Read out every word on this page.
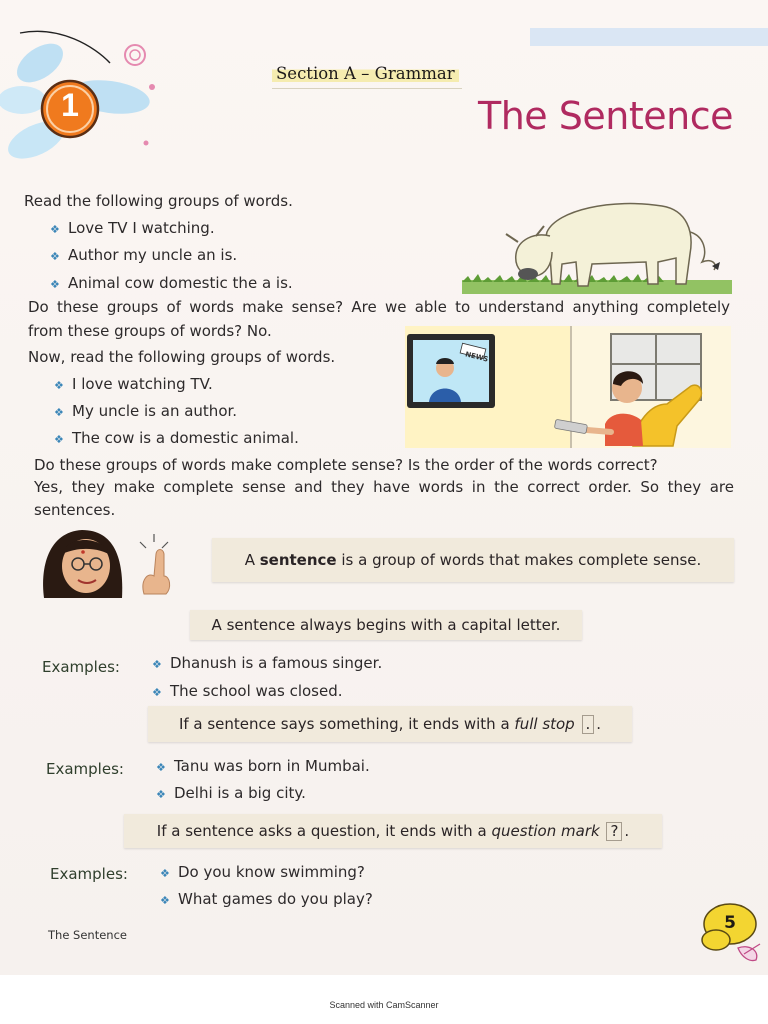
1
Section A – Grammar
The Sentence
Read the following groups of words.
❖ Love TV I watching.
❖ Author my uncle an is.
❖ Animal cow domestic the a is.
Do these groups of words make sense? Are we able to understand anything completely
from these groups of words? No.
Now, read the following groups of words.
❖ I love watching TV.
❖ My uncle is an author.
❖ The cow is a domestic animal.
NEWS
Do these groups of words make complete sense? Is the order of the words correct?
Yes, they make complete sense and they have words in the correct order. So they are
sentences.
A
sentence
is a group of words that makes complete sense.
A sentence always begins with a capital letter.
Examples:	❖ Dhanush is a famous singer.
❖ The school was closed.
If a sentence says something, it ends with a
full stop
. .
Examples:	❖ Tanu was born in Mumbai.
❖ Delhi is a big city.
If a sentence asks a question, it ends with a
question mark
? .
Examples:	❖ Do you know swimming?
❖ What games do you play?
The Sentence
5
Scanned with CamScanner
